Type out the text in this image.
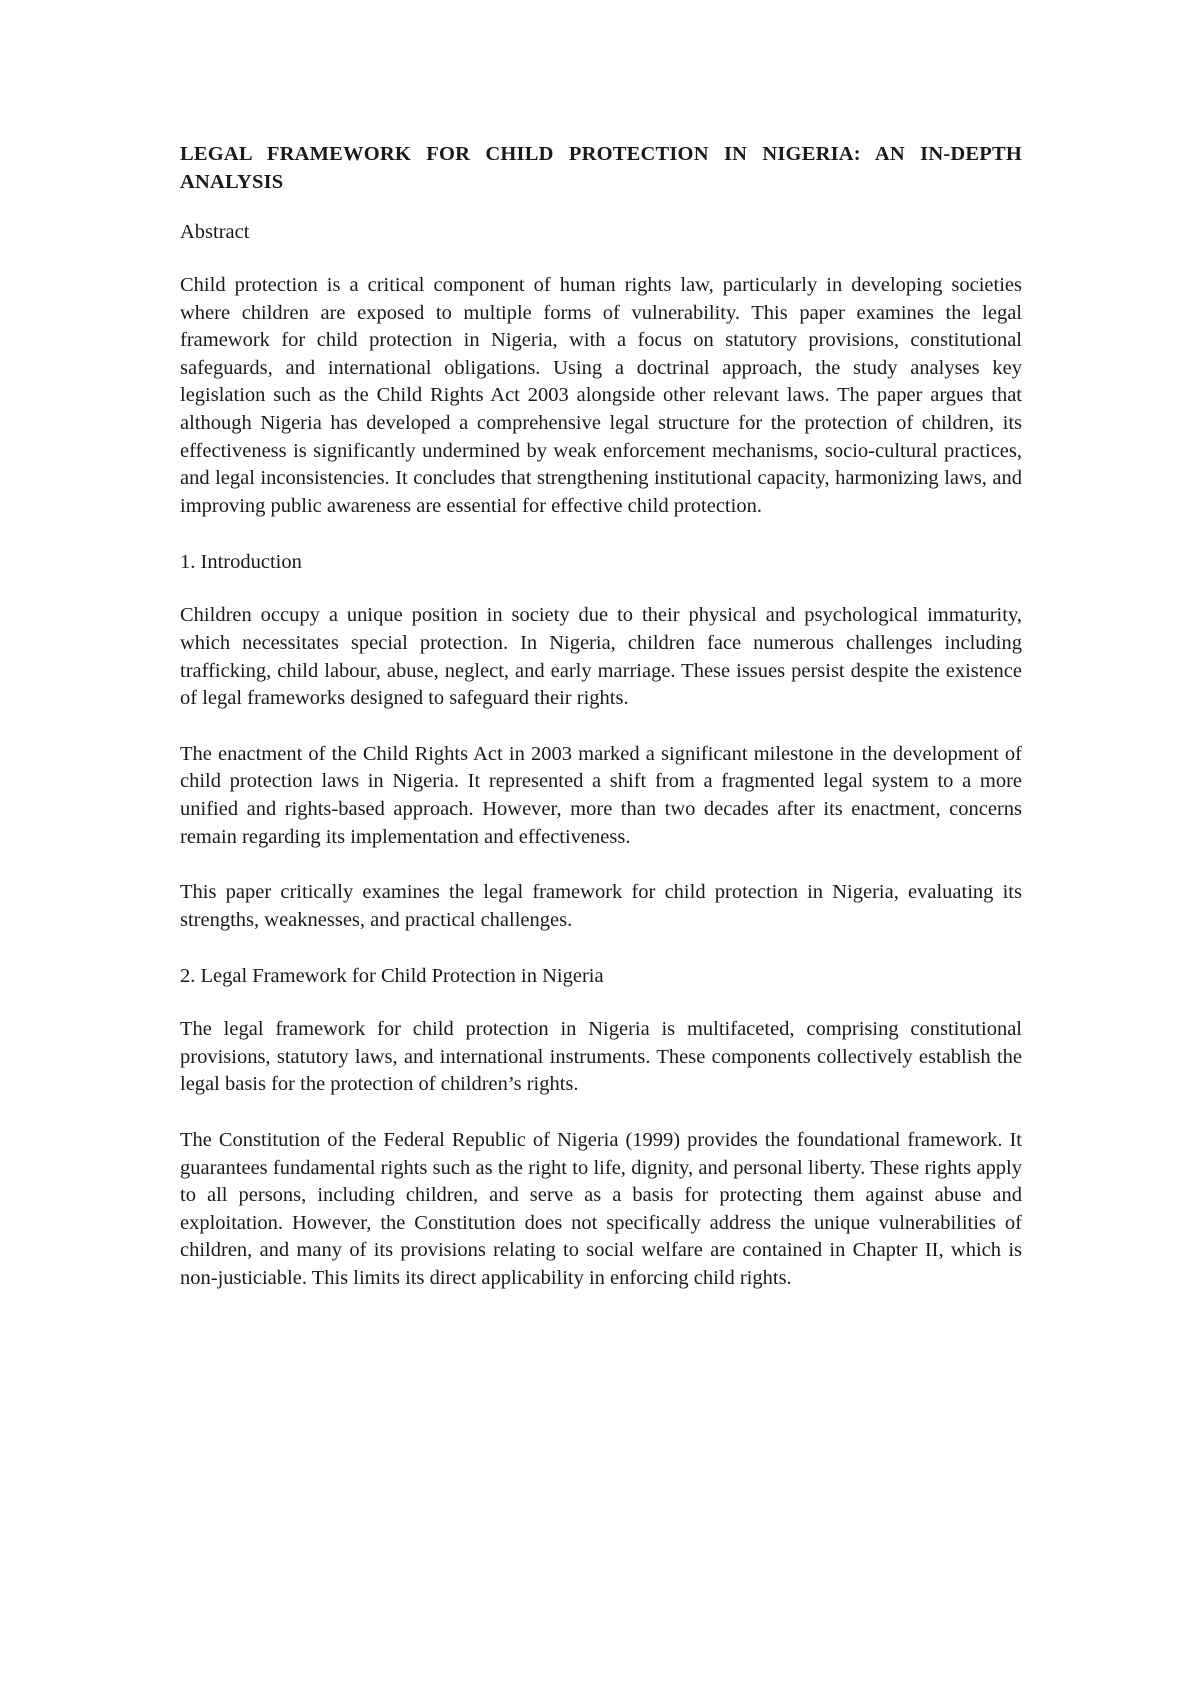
LEGAL FRAMEWORK FOR CHILD PROTECTION IN NIGERIA: AN IN-DEPTH ANALYSIS

Abstract

Child protection is a critical component of human rights law, particularly in developing societies where children are exposed to multiple forms of vulnerability. This paper examines the legal framework for child protection in Nigeria, with a focus on statutory provisions, constitutional safeguards, and international obligations. Using a doctrinal approach, the study analyses key legislation such as the Child Rights Act 2003 alongside other relevant laws. The paper argues that although Nigeria has developed a comprehensive legal structure for the protection of children, its effectiveness is significantly undermined by weak enforcement mechanisms, socio-cultural practices, and legal inconsistencies. It concludes that strengthening institutional capacity, harmonizing laws, and improving public awareness are essential for effective child protection.

1. Introduction

Children occupy a unique position in society due to their physical and psychological immaturity, which necessitates special protection. In Nigeria, children face numerous challenges including trafficking, child labour, abuse, neglect, and early marriage. These issues persist despite the existence of legal frameworks designed to safeguard their rights.

The enactment of the Child Rights Act in 2003 marked a significant milestone in the development of child protection laws in Nigeria. It represented a shift from a fragmented legal system to a more unified and rights-based approach. However, more than two decades after its enactment, concerns remain regarding its implementation and effectiveness.

This paper critically examines the legal framework for child protection in Nigeria, evaluating its strengths, weaknesses, and practical challenges.

2. Legal Framework for Child Protection in Nigeria

The legal framework for child protection in Nigeria is multifaceted, comprising constitutional provisions, statutory laws, and international instruments. These components collectively establish the legal basis for the protection of children’s rights.

The Constitution of the Federal Republic of Nigeria (1999) provides the foundational framework. It guarantees fundamental rights such as the right to life, dignity, and personal liberty. These rights apply to all persons, including children, and serve as a basis for protecting them against abuse and exploitation. However, the Constitution does not specifically address the unique vulnerabilities of children, and many of its provisions relating to social welfare are contained in Chapter II, which is non-justiciable. This limits its direct applicability in enforcing child rights.
